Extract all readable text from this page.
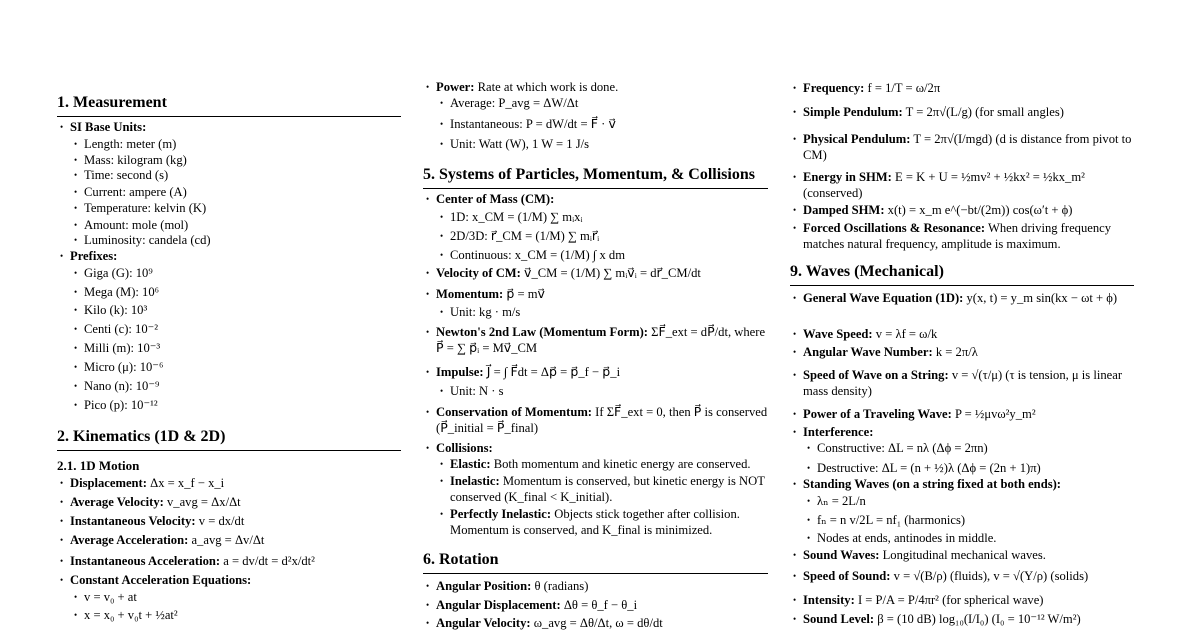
1. Measurement
• SI Base Units:
• Length: meter (m)
• Mass: kilogram (kg)
• Time: second (s)
• Current: ampere (A)
• Temperature: kelvin (K)
• Amount: mole (mol)
• Luminosity: candela (cd)
• Prefixes:
• Giga (G): 10⁹
• Mega (M): 10⁶
• Kilo (k): 10³
• Centi (c): 10⁻²
• Milli (m): 10⁻³
• Micro (μ): 10⁻⁶
• Nano (n): 10⁻⁹
• Pico (p): 10⁻¹²
2. Kinematics (1D & 2D)
2.1. 1D Motion
• Displacement: Δx = x_f − x_i
• Average Velocity: v_avg = Δx/Δt
• Instantaneous Velocity: v = dx/dt
• Average Acceleration: a_avg = Δv/Δt
• Instantaneous Acceleration: a = dv/dt = d²x/dt²
• Constant Acceleration Equations:
• v = v₀ + at
• x = x₀ + v₀t + ½at²
• Power: Rate at which work is done.
• Average: P_avg = ΔW/Δt
• Instantaneous: P = dW/dt = F⃗ · v⃗
• Unit: Watt (W), 1 W = 1 J/s
5. Systems of Particles, Momentum, & Collisions
• Center of Mass (CM):
• 1D: x_CM = (1/M) ∑ mᵢxᵢ
• 2D/3D: r⃗_CM = (1/M) ∑ mᵢr⃗ᵢ
• Continuous: x_CM = (1/M) ∫ x dm
• Velocity of CM: v⃗_CM = (1/M) ∑ mᵢv⃗ᵢ = dr⃗_CM/dt
• Momentum: p⃗ = mv⃗
• Unit: kg · m/s
• Newton's 2nd Law (Momentum Form): ΣF⃗_ext = dP⃗/dt, where P⃗ = ∑ p⃗ᵢ = Mv⃗_CM
• Impulse: J⃗ = ∫ F⃗dt = Δp⃗ = p⃗_f − p⃗_i
• Unit: N · s
• Conservation of Momentum: If ΣF⃗_ext = 0, then P⃗ is conserved (P⃗_initial = P⃗_final)
• Collisions:
• Elastic: Both momentum and kinetic energy are conserved.
• Inelastic: Momentum is conserved, but kinetic energy is NOT conserved (K_final < K_initial).
• Perfectly Inelastic: Objects stick together after collision. Momentum is conserved, and K_final is minimized.
6. Rotation
• Angular Position: θ (radians)
• Angular Displacement: Δθ = θ_f − θ_i
• Angular Velocity: ω_avg = Δθ/Δt, ω = dθ/dt
• Frequency: f = 1/T = ω/2π
• Simple Pendulum: T = 2π√(L/g) (for small angles)
• Physical Pendulum: T = 2π√(I/mgd) (d is distance from pivot to CM)
• Energy in SHM: E = K + U = ½mv² + ½kx² = ½kx_m² (conserved)
• Damped SHM: x(t) = x_m e^(−bt/(2m)) cos(ω′t + ϕ)
• Forced Oscillations & Resonance: When driving frequency matches natural frequency, amplitude is maximum.
9. Waves (Mechanical)
• General Wave Equation (1D): y(x, t) = y_m sin(kx − ωt + ϕ)
• Wave Speed: v = λf = ω/k
• Angular Wave Number: k = 2π/λ
• Speed of Wave on a String: v = √(τ/μ) (τ is tension, μ is linear mass density)
• Power of a Traveling Wave: P = ½μvω²y_m²
• Interference:
• Constructive: ΔL = nλ (Δϕ = 2πn)
• Destructive: ΔL = (n + ½)λ (Δϕ = (2n + 1)π)
• Standing Waves (on a string fixed at both ends):
• λₙ = 2L/n
• fₙ = n v/2L = nf₁ (harmonics)
• Nodes at ends, antinodes in middle.
• Sound Waves: Longitudinal mechanical waves.
• Speed of Sound: v = √(B/ρ) (fluids), v = √(Y/ρ) (solids)
• Intensity: I = P/A = P/4πr² (for spherical wave)
• Sound Level: β = (10 dB) log₁₀(I/I₀) (I₀ = 10⁻¹² W/m²)
